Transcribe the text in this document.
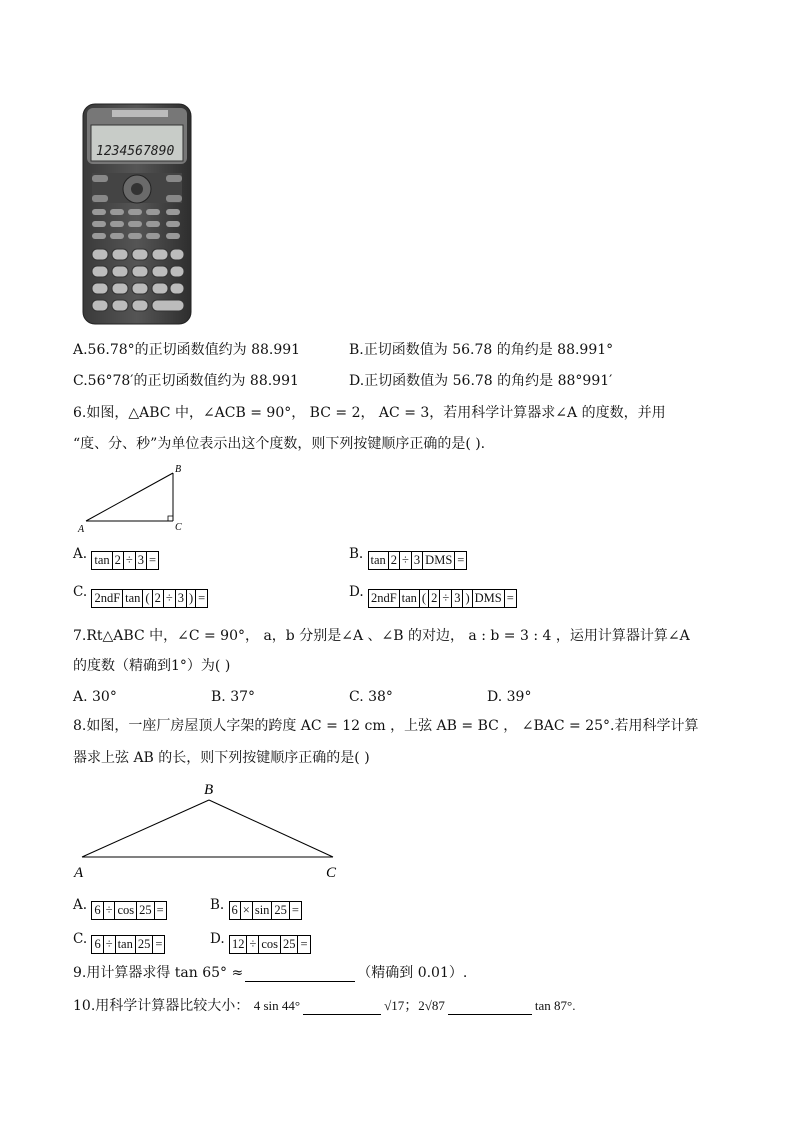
1234567890
A.56.78°的正切函数值约为 88.991	B.正切函数值为 56.78 的角约是 88.991°
C.56°78′的正切函数值约为 88.991	D.正切函数值为 56.78 的角约是 88°991′
6.如图，△ABC 中，∠ACB = 90°， BC = 2， AC = 3，若用科学计算器求∠A 的度数，并用
“度、分、秒”为单位表示出这个度数，则下列按键顺序正确的是( ).
A
B
C
A. tan 2 ÷ 3 =	B. tan 2 ÷ 3 DMS =
C. 2ndF tan ( 2 ÷ 3 ) =	D. 2ndF tan ( 2 ÷ 3 ) DMS =
7.Rt△ABC 中，∠C = 90°， a，b 分别是∠A 、∠B 的对边， a : b = 3 : 4 ，运用计算器计算∠A
的度数（精确到1°）为( )
A. 30°	B. 37°	C. 38°	D. 39°
8.如图，一座厂房屋顶人字架的跨度 AC = 12 cm ，上弦 AB = BC ， ∠BAC = 25°.若用科学计算
器求上弦 AB 的长，则下列按键顺序正确的是( )
A
B
C
A. 6 ÷ cos 25 =	B. 6 × sin 25 =
C. 6 ÷ tan 25 =	D. 12 ÷ cos 25 =
9.用计算器求得 tan 65° ≈	（精确到 0.01）.
10.用科学计算器比较大小： 4 sin 44°	√17；2√87	tan 87°.
